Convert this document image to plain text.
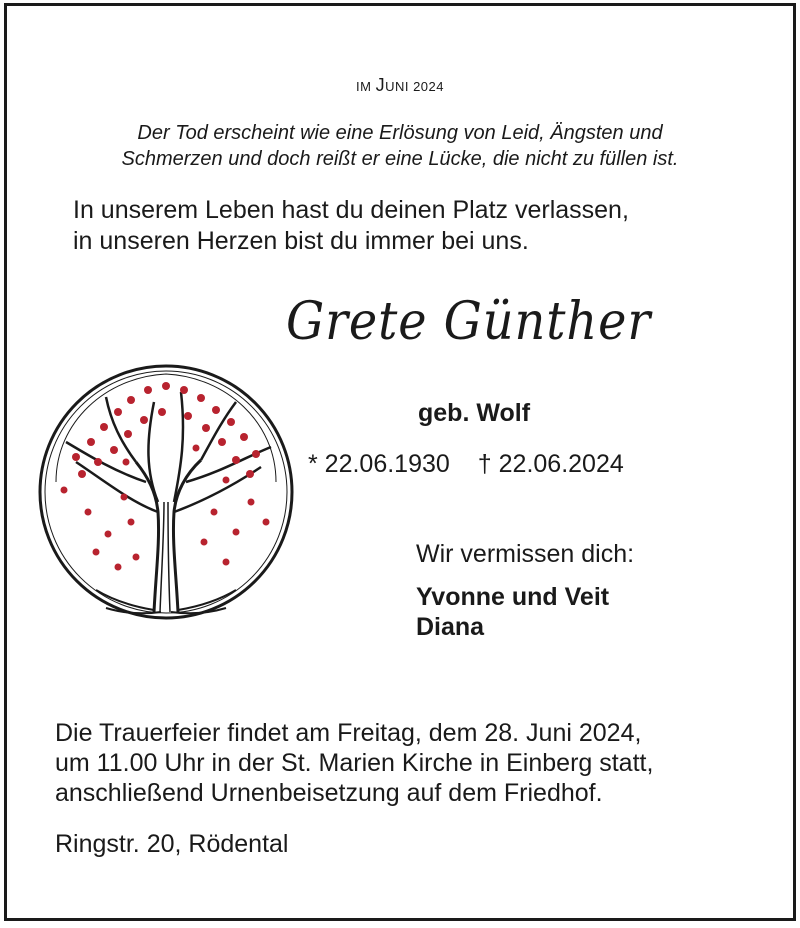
IM JUNI 2024
Der Tod erscheint wie eine Erlösung von Leid, Ängsten und
Schmerzen und doch reißt er eine Lücke, die nicht zu füllen ist.
In unserem Leben hast du deinen Platz verlassen,
in unseren Herzen bist du immer bei uns.
Grete Günther
geb. Wolf
* 22.06.1930 † 22.06.2024
Wir vermissen dich:
Yvonne und Veit
Diana
Die Trauerfeier findet am Freitag, dem 28. Juni 2024,
um 11.00 Uhr in der St. Marien Kirche in Einberg statt,
anschließend Urnenbeisetzung auf dem Friedhof.
Ringstr. 20, Rödental
